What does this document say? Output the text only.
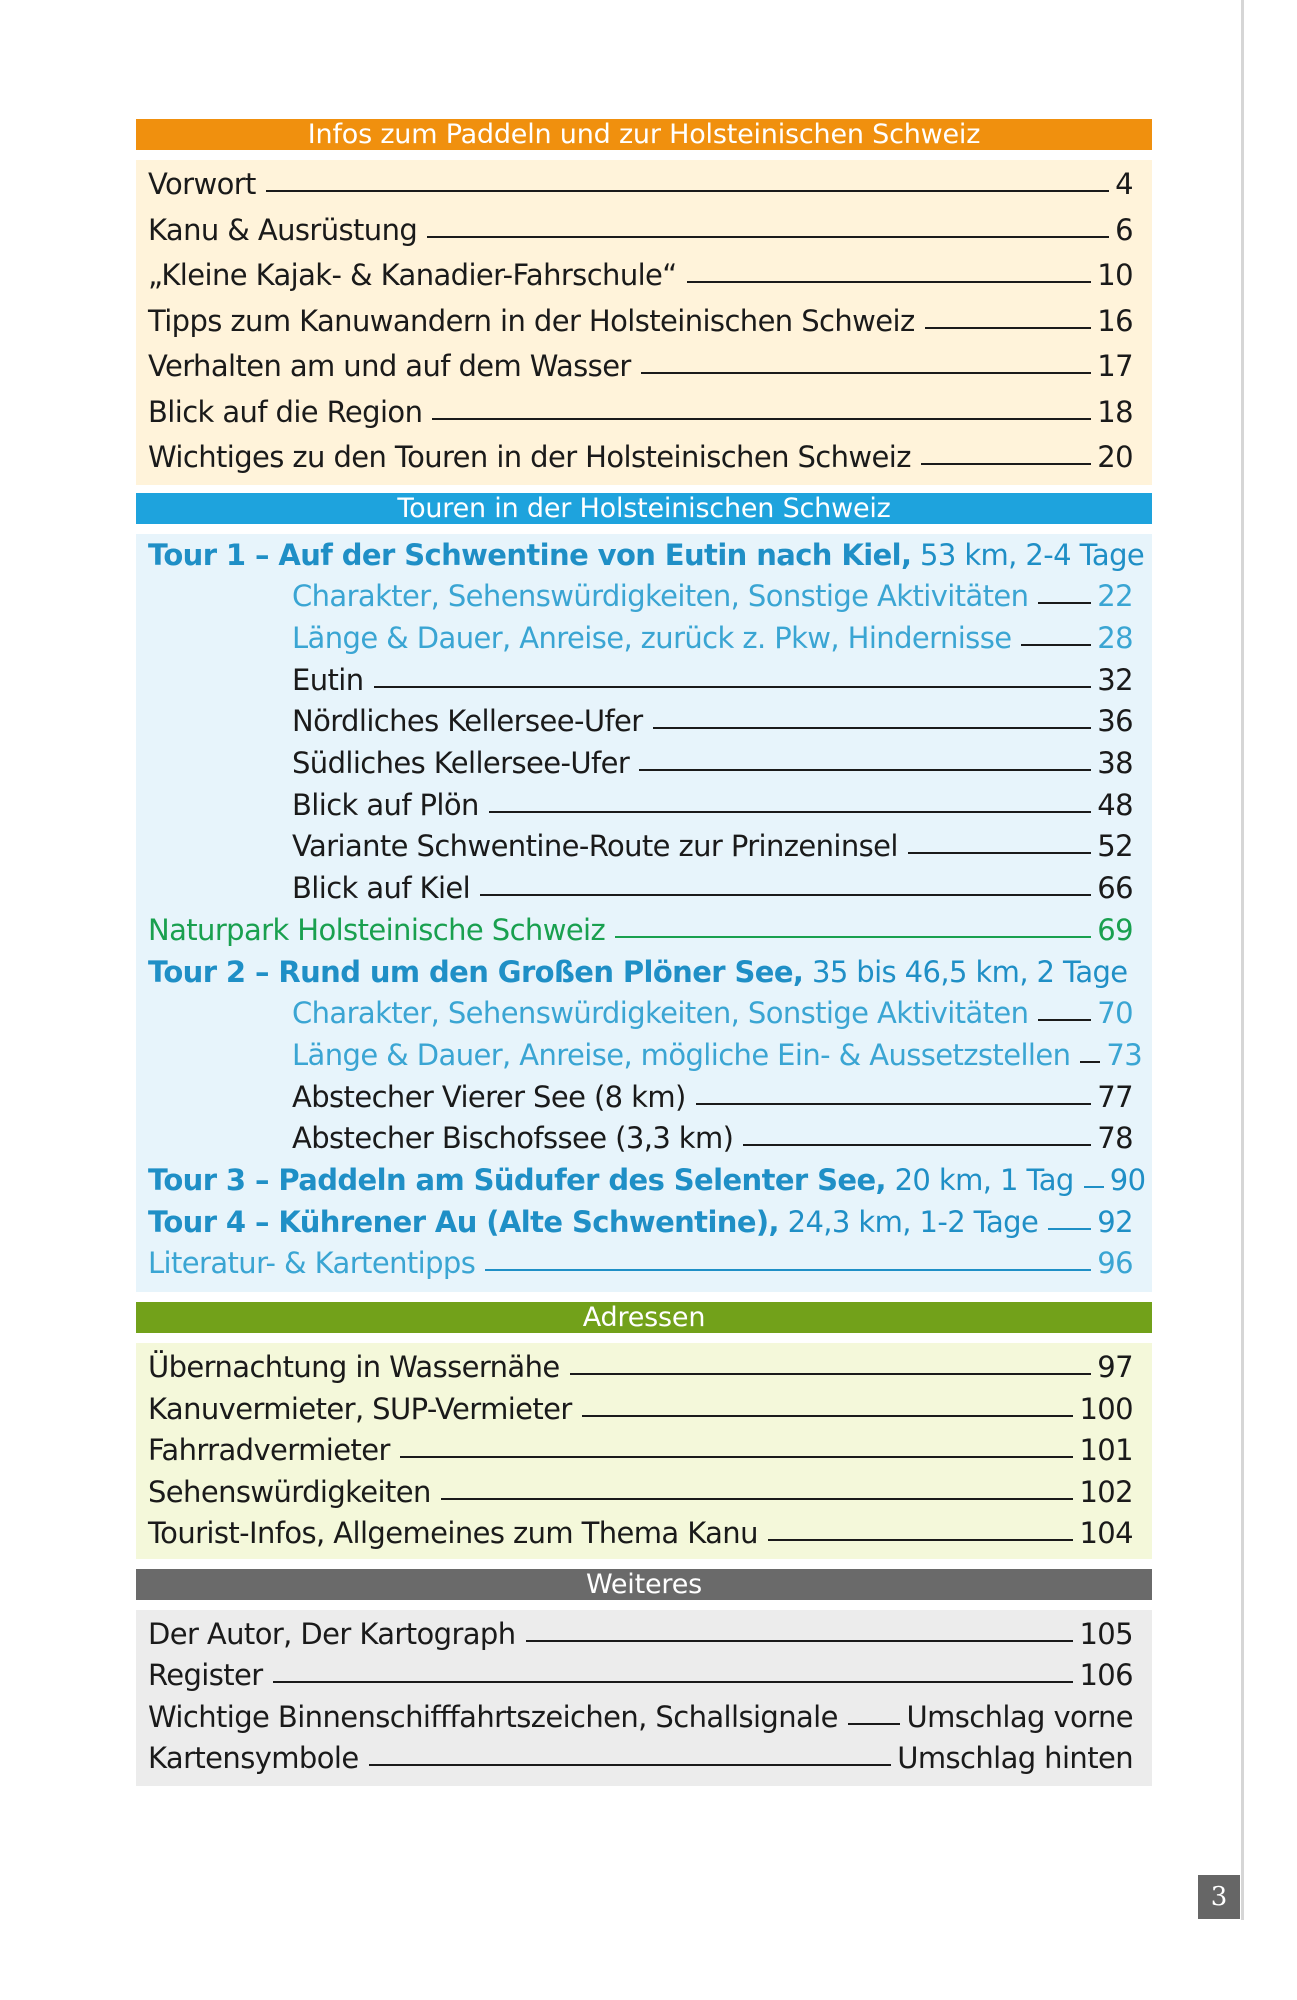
Infos zum Paddeln und zur Holsteinischen Schweiz
Vorwort	4
Kanu & Ausrüstung	6
„Kleine Kajak- & Kanadier-Fahrschule“	10
Tipps zum Kanuwandern in der Holsteinischen Schweiz	16
Verhalten am und auf dem Wasser	17
Blick auf die Region	18
Wichtiges zu den Touren in der Holsteinischen Schweiz	20
Touren in der Holsteinischen Schweiz
Tour 1 – Auf der Schwentine von Eutin nach Kiel, 53 km, 2-4 Tage
Charakter, Sehenswürdigkeiten, Sonstige Aktivitäten 22
Länge & Dauer, Anreise, zurück z. Pkw, Hindernisse	28
Eutin	32
Nördliches Kellersee-Ufer	36
Südliches Kellersee-Ufer	38
Blick auf Plön	48
Variante Schwentine-Route zur Prinzeninsel	52
Blick auf Kiel	66
Naturpark Holsteinische Schweiz	69
Tour 2 – Rund um den Großen Plöner See, 35 bis 46,5 km, 2 Tage
Charakter, Sehenswürdigkeiten, Sonstige Aktivitäten 70
Länge & Dauer, Anreise, mögliche Ein- & Aussetzstellen 73
Abstecher Vierer See (8 km)	77
Abstecher Bischofssee (3,3 km)	78
Tour 3 – Paddeln am Südufer des Selenter See, 20 km, 1 Tag 90
Tour 4 – Kührener Au (Alte Schwentine), 24,3 km, 1-2 Tage 92
Literatur- & Kartentipps	96
Adressen
Übernachtung in Wassernähe	97
Kanuvermieter, SUP-Vermieter	100
Fahrradvermieter	101
Sehenswürdigkeiten	102
Tourist-Infos, Allgemeines zum Thema Kanu	104
Weiteres
Der Autor, Der Kartograph	105
Register	106
Wichtige Binnenschifffahrtszeichen, Schallsignale Umschlag vorne
Kartensymbole	Umschlag hinten
3
